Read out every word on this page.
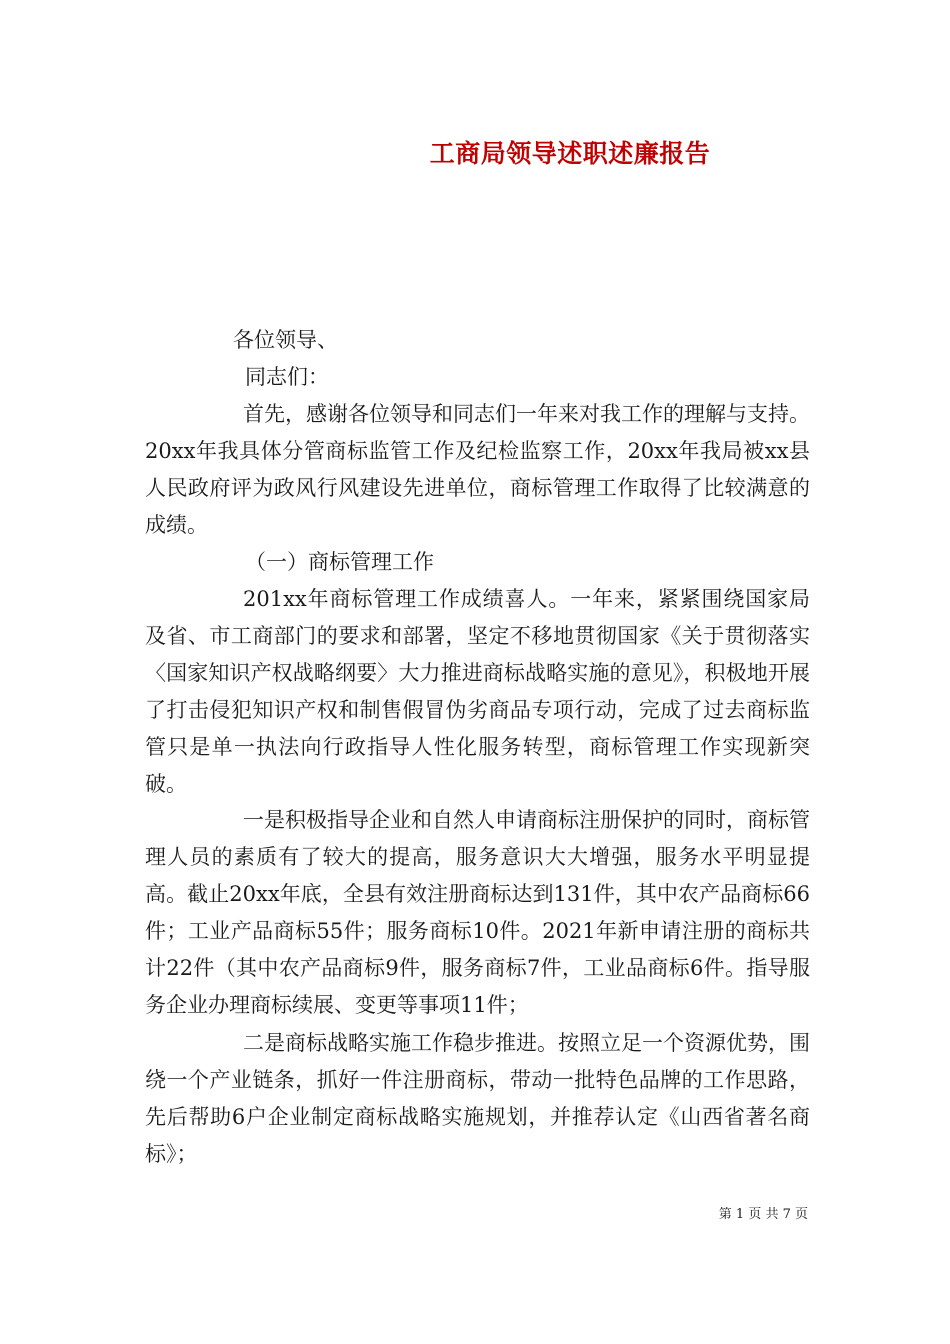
工商局领导述职述廉报告
各位领导、
同志们：
首先，感谢各位领导和同志们一年来对我工作的理解与支持。20xx年我具体分管商标监管工作及纪检监察工作，20xx年我局被xx县人民政府评为政风行风建设先进单位，商标管理工作取得了比较满意的成绩。
（一）商标管理工作
201xx年商标管理工作成绩喜人。一年来，紧紧围绕国家局及省、市工商部门的要求和部署，坚定不移地贯彻国家《关于贯彻落实〈国家知识产权战略纲要〉大力推进商标战略实施的意见》，积极地开展了打击侵犯知识产权和制售假冒伪劣商品专项行动，完成了过去商标监管只是单一执法向行政指导人性化服务转型，商标管理工作实现新突破。
一是积极指导企业和自然人申请商标注册保护的同时，商标管理人员的素质有了较大的提高，服务意识大大增强，服务水平明显提高。截止20xx年底，全县有效注册商标达到131件，其中农产品商标66件；工业产品商标55件；服务商标10件。2021年新申请注册的商标共计22件（其中农产品商标9件，服务商标7件，工业品商标6件。指导服务企业办理商标续展、变更等事项11件；
二是商标战略实施工作稳步推进。按照立足一个资源优势，围绕一个产业链条，抓好一件注册商标，带动一批特色品牌的工作思路，先后帮助6户企业制定商标战略实施规划，并推荐认定《山西省著名商标》；
第 1 页 共 7 页
